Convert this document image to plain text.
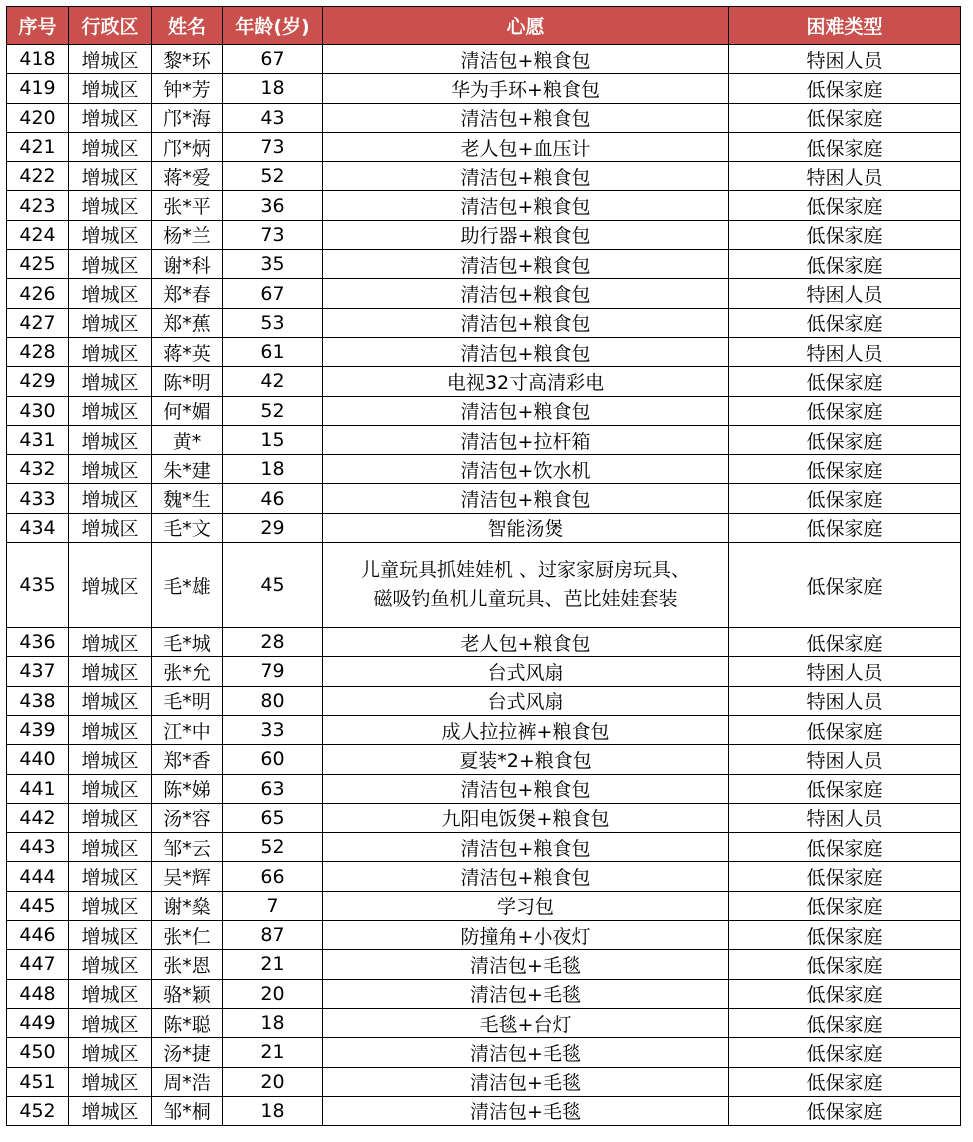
序号	行政区	姓名	年龄(岁)	心愿	困难类型
418	增城区	黎*环	67	清洁包+粮食包	特困人员
419	增城区	钟*芳	18	华为手环+粮食包	低保家庭
420	增城区	邝*海	43	清洁包+粮食包	低保家庭
421	增城区	邝*炳	73	老人包+血压计	低保家庭
422	增城区	蒋*爱	52	清洁包+粮食包	特困人员
423	增城区	张*平	36	清洁包+粮食包	低保家庭
424	增城区	杨*兰	73	助行器+粮食包	低保家庭
425	增城区	谢*科	35	清洁包+粮食包	低保家庭
426	增城区	郑*春	67	清洁包+粮食包	特困人员
427	增城区	郑*蕉	53	清洁包+粮食包	低保家庭
428	增城区	蒋*英	61	清洁包+粮食包	特困人员
429	增城区	陈*明	42	电视32寸高清彩电	低保家庭
430	增城区	何*媚	52	清洁包+粮食包	低保家庭
431	增城区	黄*	15	清洁包+拉杆箱	低保家庭
432	增城区	朱*建	18	清洁包+饮水机	低保家庭
433	增城区	魏*生	46	清洁包+粮食包	低保家庭
434	增城区	毛*文	29	智能汤煲	低保家庭
435	增城区	毛*雄	45	儿童玩具抓娃娃机 、过家家厨房玩具、
磁吸钓鱼机儿童玩具、芭比娃娃套装	低保家庭
436	增城区	毛*城	28	老人包+粮食包	低保家庭
437	增城区	张*允	79	台式风扇	特困人员
438	增城区	毛*明	80	台式风扇	特困人员
439	增城区	江*中	33	成人拉拉裤+粮食包	低保家庭
440	增城区	郑*香	60	夏装*2+粮食包	特困人员
441	增城区	陈*娣	63	清洁包+粮食包	低保家庭
442	增城区	汤*容	65	九阳电饭煲+粮食包	特困人员
443	增城区	邹*云	52	清洁包+粮食包	低保家庭
444	增城区	吴*辉	66	清洁包+粮食包	低保家庭
445	增城区	谢*燊	7	学习包	低保家庭
446	增城区	张*仁	87	防撞角+小夜灯	低保家庭
447	增城区	张*恩	21	清洁包+毛毯	低保家庭
448	增城区	骆*颖	20	清洁包+毛毯	低保家庭
449	增城区	陈*聪	18	毛毯+台灯	低保家庭
450	增城区	汤*捷	21	清洁包+毛毯	低保家庭
451	增城区	周*浩	20	清洁包+毛毯	低保家庭
452	增城区	邹*桐	18	清洁包+毛毯	低保家庭
